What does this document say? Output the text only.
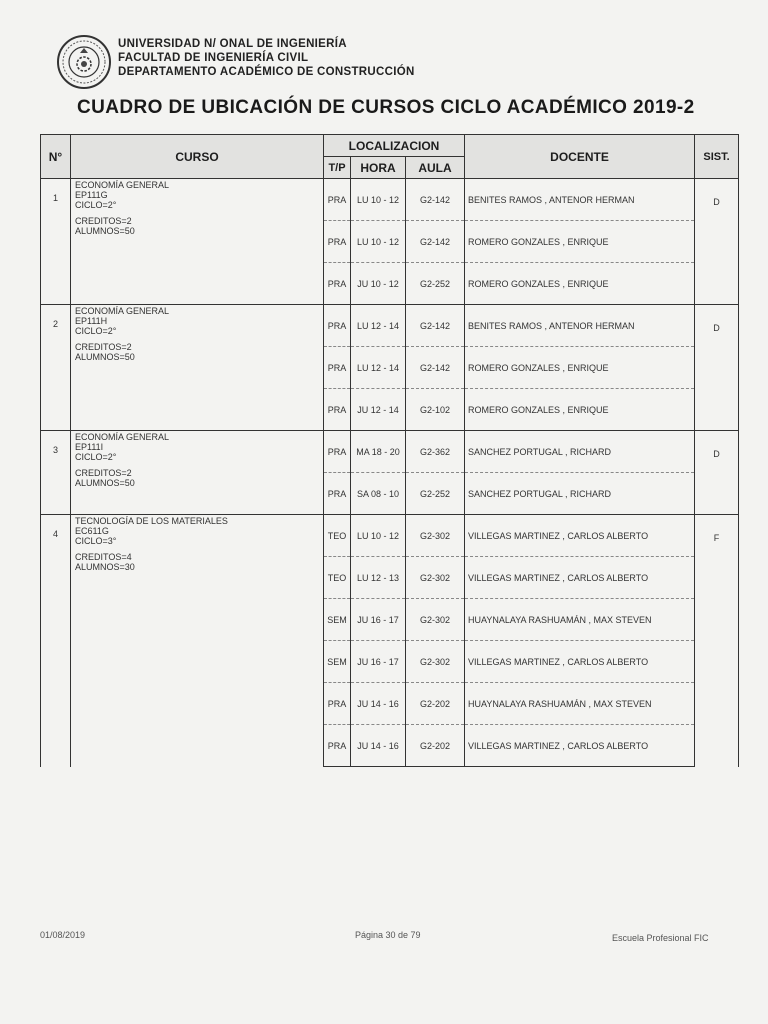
UNIVERSIDAD N/ ONAL DE INGENIERÍA
FACULTAD DE INGENIERÍA CIVIL
DEPARTAMENTO ACADÉMICO DE CONSTRUCCIÓN
CUADRO DE UBICACIÓN DE CURSOS CICLO ACADÉMICO 2019-2
N°	CURSO	LOCALIZACION			DOCENTE	SIST.
		T/P	HORA	AULA		
1	ECONOMÍA GENERAL
EP111G
CICLO=2°
CREDITOS=2
ALUMNOS=50	PRA	LU 10 - 12	G2-142	BENITES RAMOS , ANTENOR HERMAN	D
		PRA	LU 10 - 12	G2-142	ROMERO GONZALES , ENRIQUE	
		PRA	JU 10 - 12	G2-252	ROMERO GONZALES , ENRIQUE	
2	ECONOMÍA GENERAL
EP111H
CICLO=2°
CREDITOS=2
ALUMNOS=50	PRA	LU 12 - 14	G2-142	BENITES RAMOS , ANTENOR HERMAN	D
		PRA	LU 12 - 14	G2-142	ROMERO GONZALES , ENRIQUE	
		PRA	JU 12 - 14	G2-102	ROMERO GONZALES , ENRIQUE	
3	ECONOMÍA GENERAL
EP111I
CICLO=2°
CREDITOS=2
ALUMNOS=50	PRA	MA 18 - 20	G2-362	SANCHEZ PORTUGAL , RICHARD	D
		PRA	SA 08 - 10	G2-252	SANCHEZ PORTUGAL , RICHARD	
4	TECNOLOGÍA DE LOS MATERIALES
EC611G
CICLO=3°
CREDITOS=4
ALUMNOS=30	TEO	LU 10 - 12	G2-302	VILLEGAS MARTINEZ , CARLOS ALBERTO	F
		TEO	LU 12 - 13	G2-302	VILLEGAS MARTINEZ , CARLOS ALBERTO	
		SEM	JU 16 - 17	G2-302	HUAYNALAYA RASHUAMÁN , MAX STEVEN	
		SEM	JU 16 - 17	G2-302	VILLEGAS MARTINEZ , CARLOS ALBERTO	
		PRA	JU 14 - 16	G2-202	HUAYNALAYA RASHUAMÁN , MAX STEVEN	
		PRA	JU 14 - 16	G2-202	VILLEGAS MARTINEZ , CARLOS ALBERTO	
01/08/2019	Página 30 de 79	Escuela Profesional FIC
